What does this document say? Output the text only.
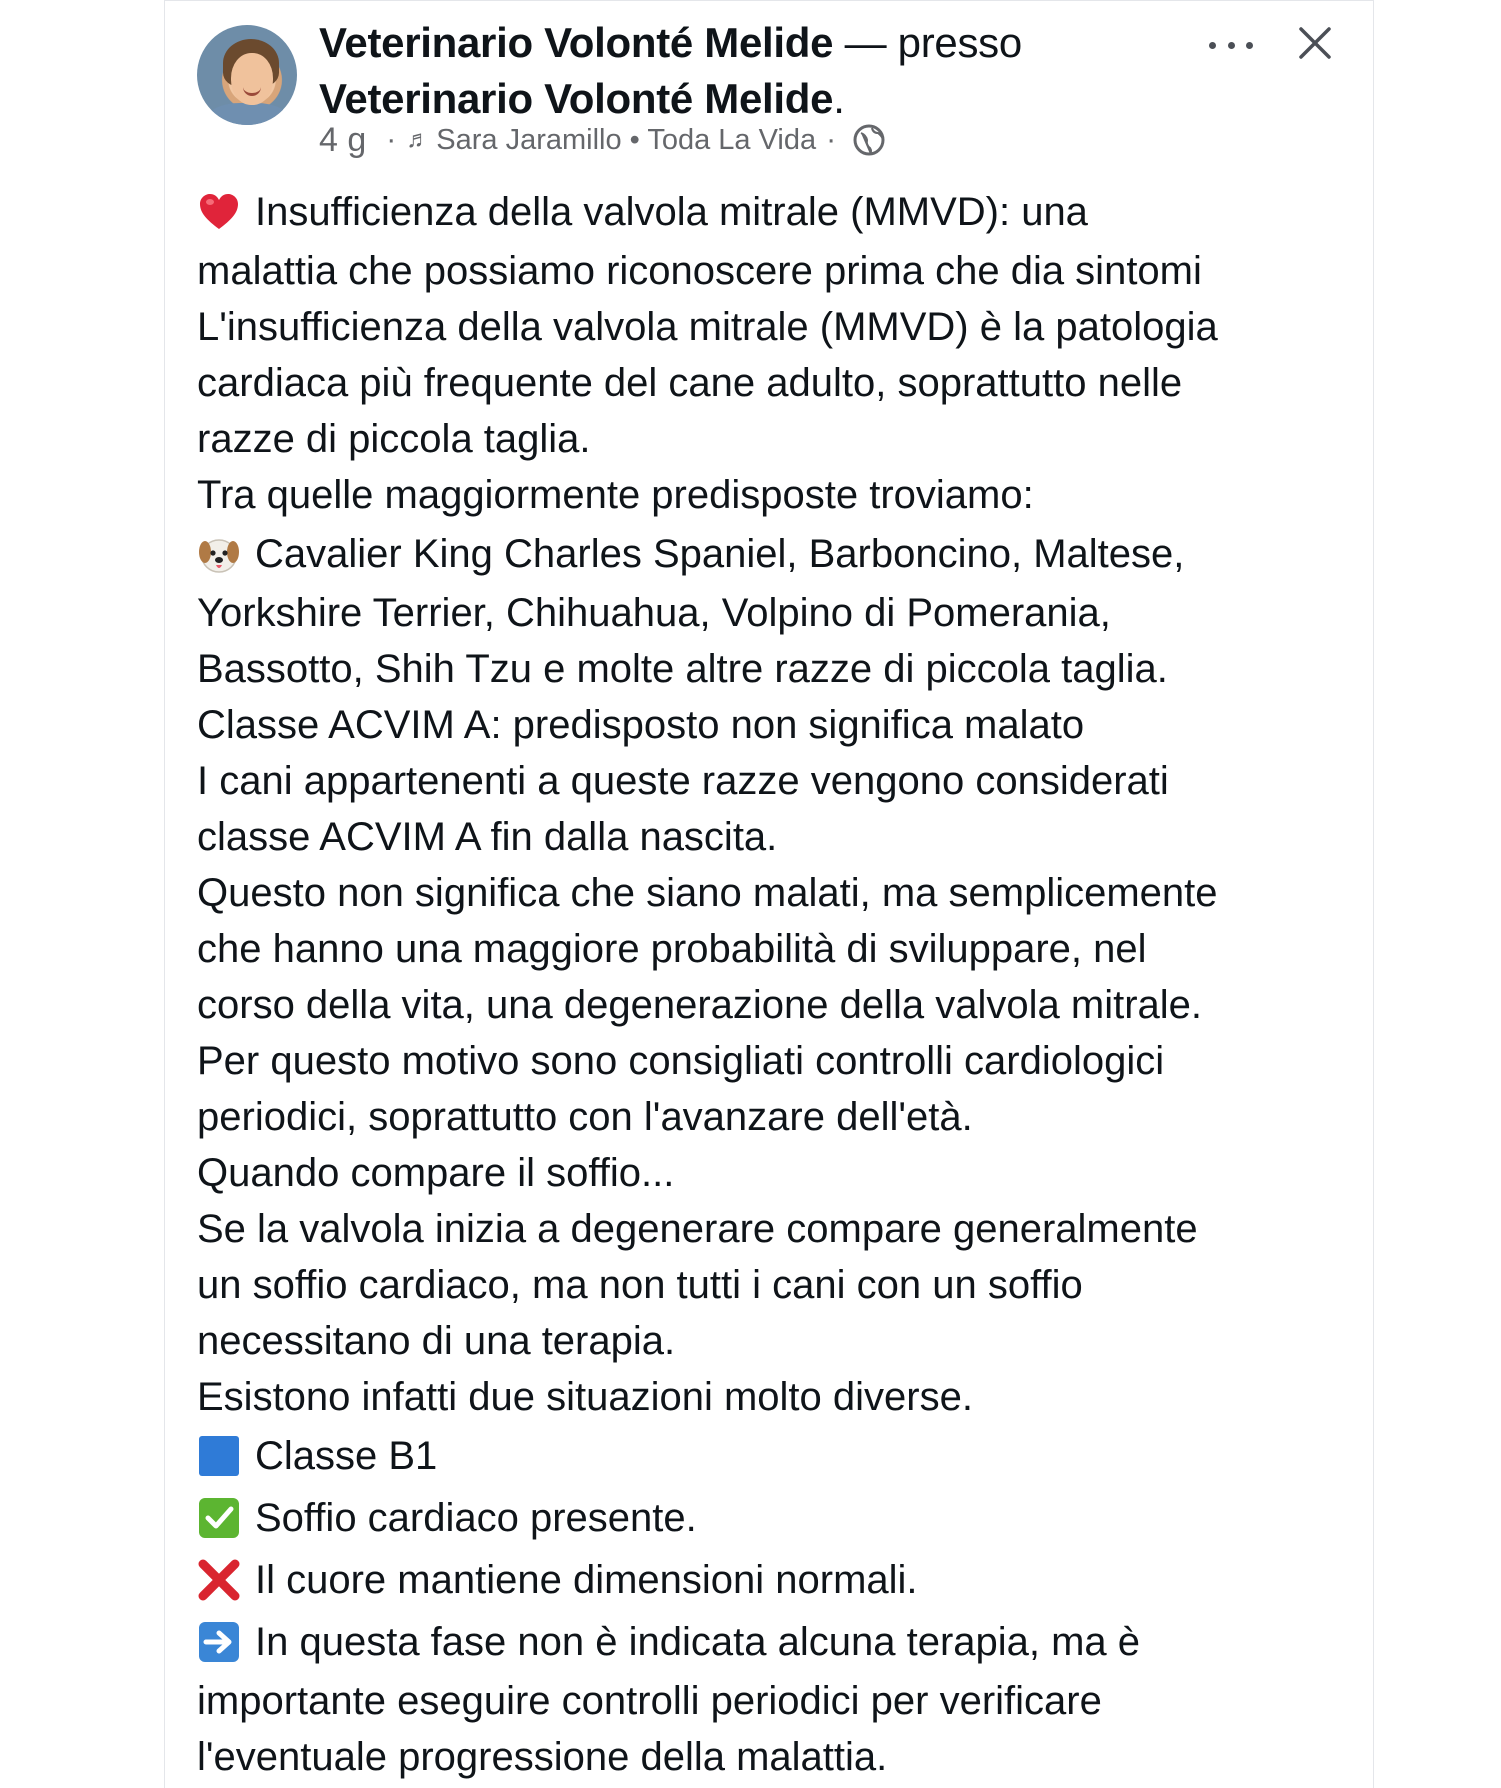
Veterinario Volonté Melide — presso
Veterinario Volonté Melide.
4 g · ♬ Sara Jaramillo • Toda La Vida ·
Insufficienza della valvola mitrale (MMVD): una
malattia che possiamo riconoscere prima che dia sintomi
L'insufficienza della valvola mitrale (MMVD) è la patologia
cardiaca più frequente del cane adulto, soprattutto nelle
razze di piccola taglia.
Tra quelle maggiormente predisposte troviamo:
Cavalier King Charles Spaniel, Barboncino, Maltese,
Yorkshire Terrier, Chihuahua, Volpino di Pomerania,
Bassotto, Shih Tzu e molte altre razze di piccola taglia.
Classe ACVIM A: predisposto non significa malato
I cani appartenenti a queste razze vengono considerati
classe ACVIM A fin dalla nascita.
Questo non significa che siano malati, ma semplicemente
che hanno una maggiore probabilità di sviluppare, nel
corso della vita, una degenerazione della valvola mitrale.
Per questo motivo sono consigliati controlli cardiologici
periodici, soprattutto con l'avanzare dell'età.
Quando compare il soffio...
Se la valvola inizia a degenerare compare generalmente
un soffio cardiaco, ma non tutti i cani con un soffio
necessitano di una terapia.
Esistono infatti due situazioni molto diverse.
Classe B1
Soffio cardiaco presente.
Il cuore mantiene dimensioni normali.
In questa fase non è indicata alcuna terapia, ma è
importante eseguire controlli periodici per verificare
l'eventuale progressione della malattia.
